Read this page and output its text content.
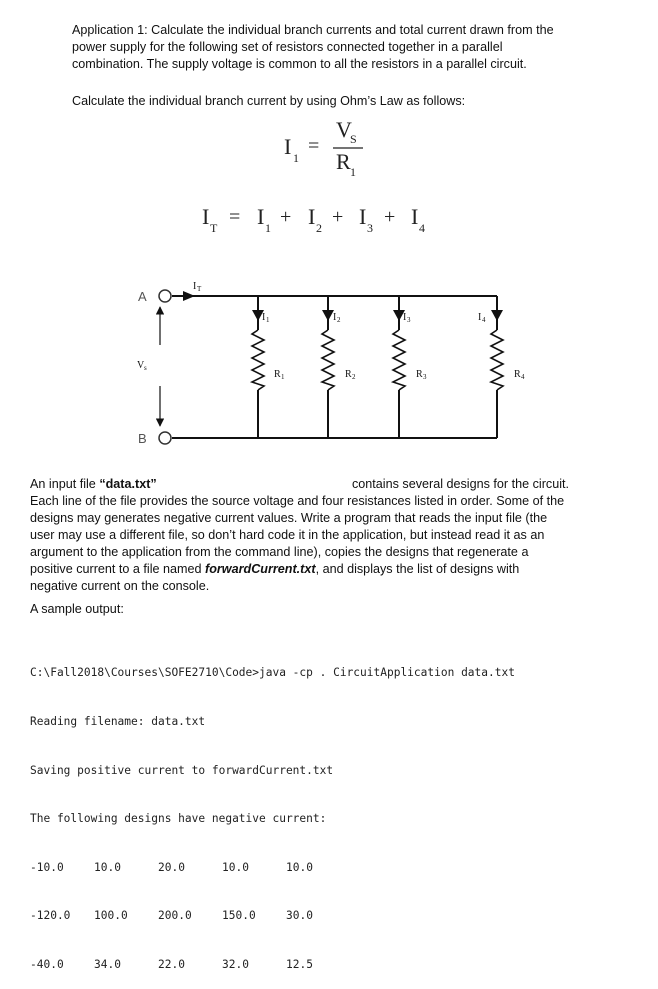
Application 1: Calculate the individual branch currents and total current drawn from the
power supply for the following set of resistors connected together in a parallel
combination. The supply voltage is common to all the resistors in a parallel circuit.

Calculate the individual branch current by using Ohm’s Law as follows:

I 1
=
V
S
R 1
I T = I 1 + I 2 + I 3 + I 4
A
B
I T
V s
I 1	I 2	I 3	I 4
R 1	R 2	R 3	R 4
An input file “data.txt”	contains several designs for the circuit.

Each line of the file provides the source voltage and four resistances listed in order. Some of the
designs may generates negative current values. Write a program that reads the input file (the
user may use a different file, so don’t hard code it in the application, but instead read it as an
argument to the application from the command line), copies the designs that regenerate a
positive current to a file named forwardCurrent.txt, and displays the list of designs with
negative current on the console.

A sample output:

C:\Fall2018\Courses\SOFE2710\Code>java -cp . CircuitApplication data.txt

Reading filename: data.txt

Saving positive current to forwardCurrent.txt

The following designs have negative current:

-10.0	10.0	20.0	10.0	10.0

-120.0 100.0	200.0	150.0	30.0

-40.0	34.0	22.0	32.0	12.5
